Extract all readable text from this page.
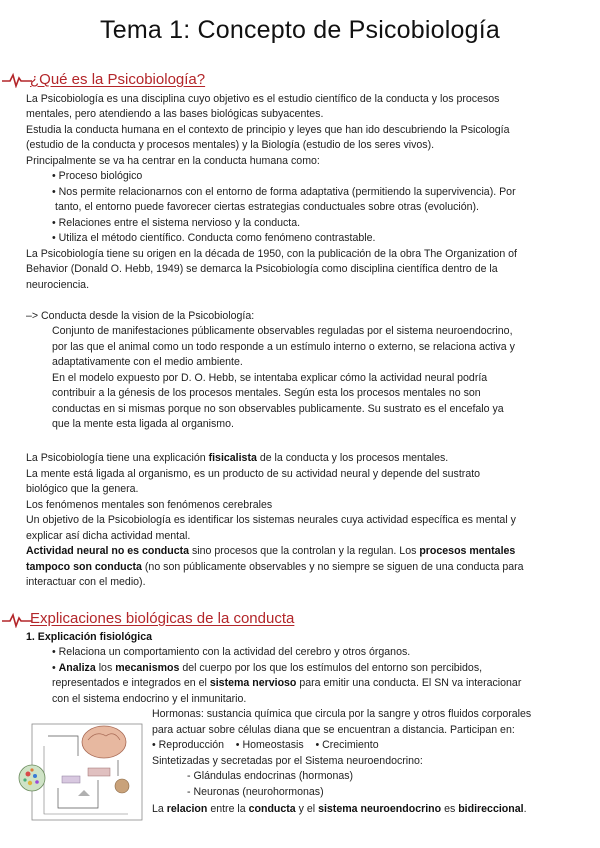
Tema 1: Concepto de Psicobiología
¿Qué es la Psicobiología?
La Psicobiología es una disciplina cuyo objetivo es el estudio científico de la conducta y los procesos
mentales, pero atendiendo a las bases biológicas subyacentes.
Estudia la conducta humana en el contexto de principio y leyes que han ido descubriendo la Psicología
(estudio de la conducta y procesos mentales) y la Biología (estudio de los seres vivos).
Principalmente se va ha centrar en la conducta humana como:
• Proceso biológico
• Nos permite relacionarnos con el entorno de forma adaptativa (permitiendo la supervivencia). Por
tanto, el entorno puede favorecer ciertas estrategias conductuales sobre otras (evolución).
• Relaciones entre el sistema nervioso y la conducta.
• Utiliza el método científico. Conducta como fenómeno contrastable.
La Psicobiología tiene su origen en la década de 1950, con la publicación de la obra The Organization of
Behavior (Donald O. Hebb, 1949) se demarca la Psicobiología como disciplina científica dentro de la
neurociencia.
–> Conducta desde la vision de la Psicobiología:
Conjunto de manifestaciones públicamente observables reguladas por el sistema neuroendocrino,
por las que el animal como un todo responde a un estímulo interno o externo, se relaciona activa y
adaptativamente con el medio ambiente.
En el modelo expuesto por D. O. Hebb, se intentaba explicar cómo la actividad neural podría
contribuir a la génesis de los procesos mentales. Según esta los procesos mentales no son
conductas en si mismas porque no son observables publicamente. Su sustrato es el encefalo ya
que la mente esta ligada al organismo.
La Psicobiología tiene una explicación fisicalista de la conducta y los procesos mentales.
La mente está ligada al organismo, es un producto de su actividad neural y depende del sustrato
biológico que la genera.
Los fenómenos mentales son fenómenos cerebrales
Un objetivo de la Psicobiología es identificar los sistemas neurales cuya actividad específica es mental y
explicar así dicha actividad mental.
Actividad neural no es conducta sino procesos que la controlan y la regulan. Los procesos mentales
tampoco son conducta (no son públicamente observables y no siempre se siguen de una conducta para
interactuar con el medio).
Explicaciones biológicas de la conducta
1. Explicación fisiológica
• Relaciona un comportamiento con la actividad del cerebro y otros órganos.
• Analiza los mecanismos del cuerpo por los que los estímulos del entorno son percibidos,
representados e integrados en el sistema nervioso para emitir una conducta. El SN va interacionar
con el sistema endocrino y el inmunitario.
Hormonas: sustancia química que circula por la sangre y otros fluidos corporales
para actuar sobre células diana que se encuentran a distancia. Participan en:
• Reproducción    • Homeostasis    • Crecimiento
Sintetizadas y secretadas por el Sistema neuroendocrino:
- Glándulas endocrinas (hormonas)
- Neuronas (neurohormonas)
La relacion entre la conducta y el sistema neuroendocrino es bidireccional.
